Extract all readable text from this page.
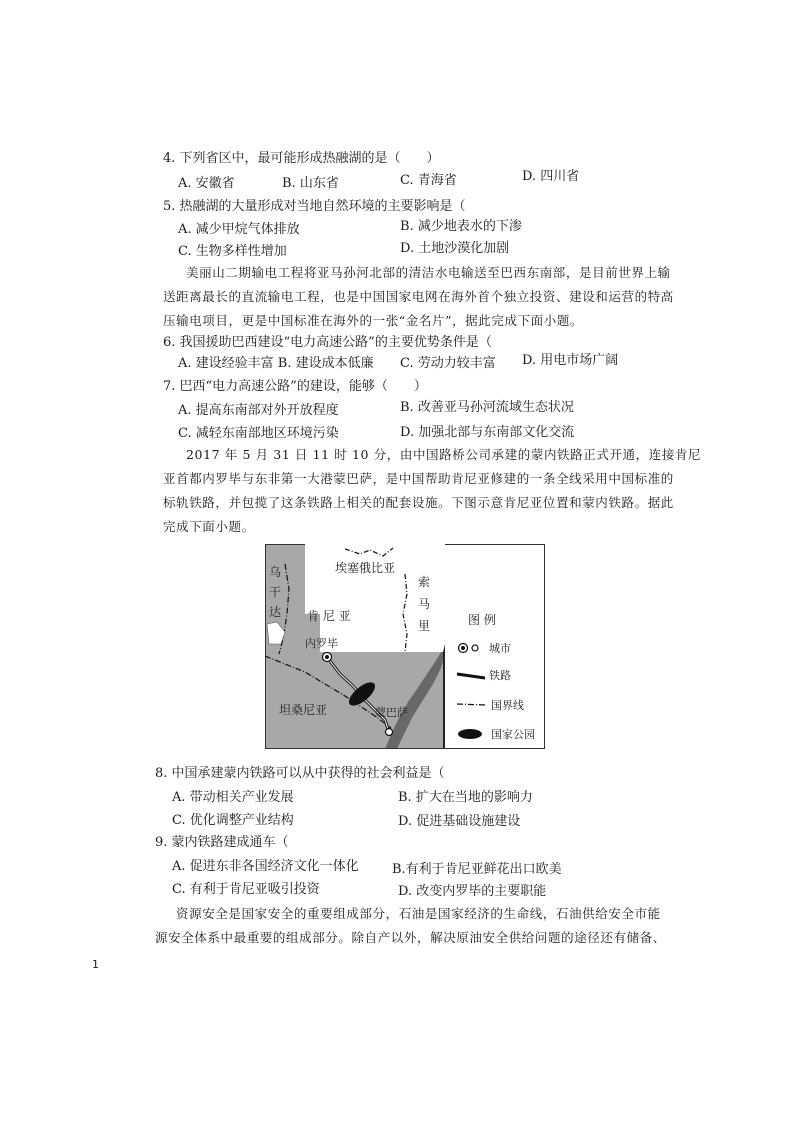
4. 下列省区中，最可能形成热融湖的是（　　）
A. 安徽省	B. 山东省	C. 青海省	D. 四川省
5. 热融湖的大量形成对当地自然环境的主要影响是（
A. 减少甲烷气体排放	B. 减少地表水的下渗
C. 生物多样性增加	D. 土地沙漠化加剧
美丽山二期输电工程将亚马孙河北部的清洁水电输送至巴西东南部，是目前世界上输
送距离最长的直流输电工程，也是中国国家电网在海外首个独立投资、建设和运营的特高
压输电项目，更是中国标准在海外的一张“金名片”，据此完成下面小题。
6. 我国援助巴西建设“电力高速公路”的主要优势条件是（
A. 建设经验丰富 B. 建设成本低廉 C. 劳动力较丰富 D. 用电市场广阔
7. 巴西“电力高速公路”的建设，能够（　　）
A. 提高东南部对外开放程度	B. 改善亚马孙河流域生态状况
C. 减轻东南部地区环境污染	D. 加强北部与东南部文化交流
2017 年 5 月 31 日 11 时 10 分，由中国路桥公司承建的蒙内铁路正式开通，连接肯尼
亚首都内罗毕与东非第一大港蒙巴萨，是中国帮助肯尼亚修建的一条全线采用中国标准的
标轨铁路，并包揽了这条铁路上相关的配套设施。下图示意肯尼亚位置和蒙内铁路。据此
完成下面小题。
埃塞俄比亚
乌
干
达 肯 尼 亚
索
马
里
内罗毕
坦桑尼亚	蒙巴萨
图 例
城市
铁路
国界线
国家公园
8. 中国承建蒙内铁路可以从中获得的社会利益是（
A. 带动相关产业发展	B. 扩大在当地的影响力
C. 优化调整产业结构	D. 促进基础设施建设
9. 蒙内铁路建成通车（
A. 促进东非各国经济文化一体化	B.有利于肯尼亚鲜花出口欧美
C. 有利于肯尼亚吸引投资	D. 改变内罗毕的主要职能
资源安全是国家安全的重要组成部分，石油是国家经济的生命线，石油供给安全市能
源安全体系中最重要的组成部分。除自产以外，解决原油安全供给问题的途径还有储备、
1
